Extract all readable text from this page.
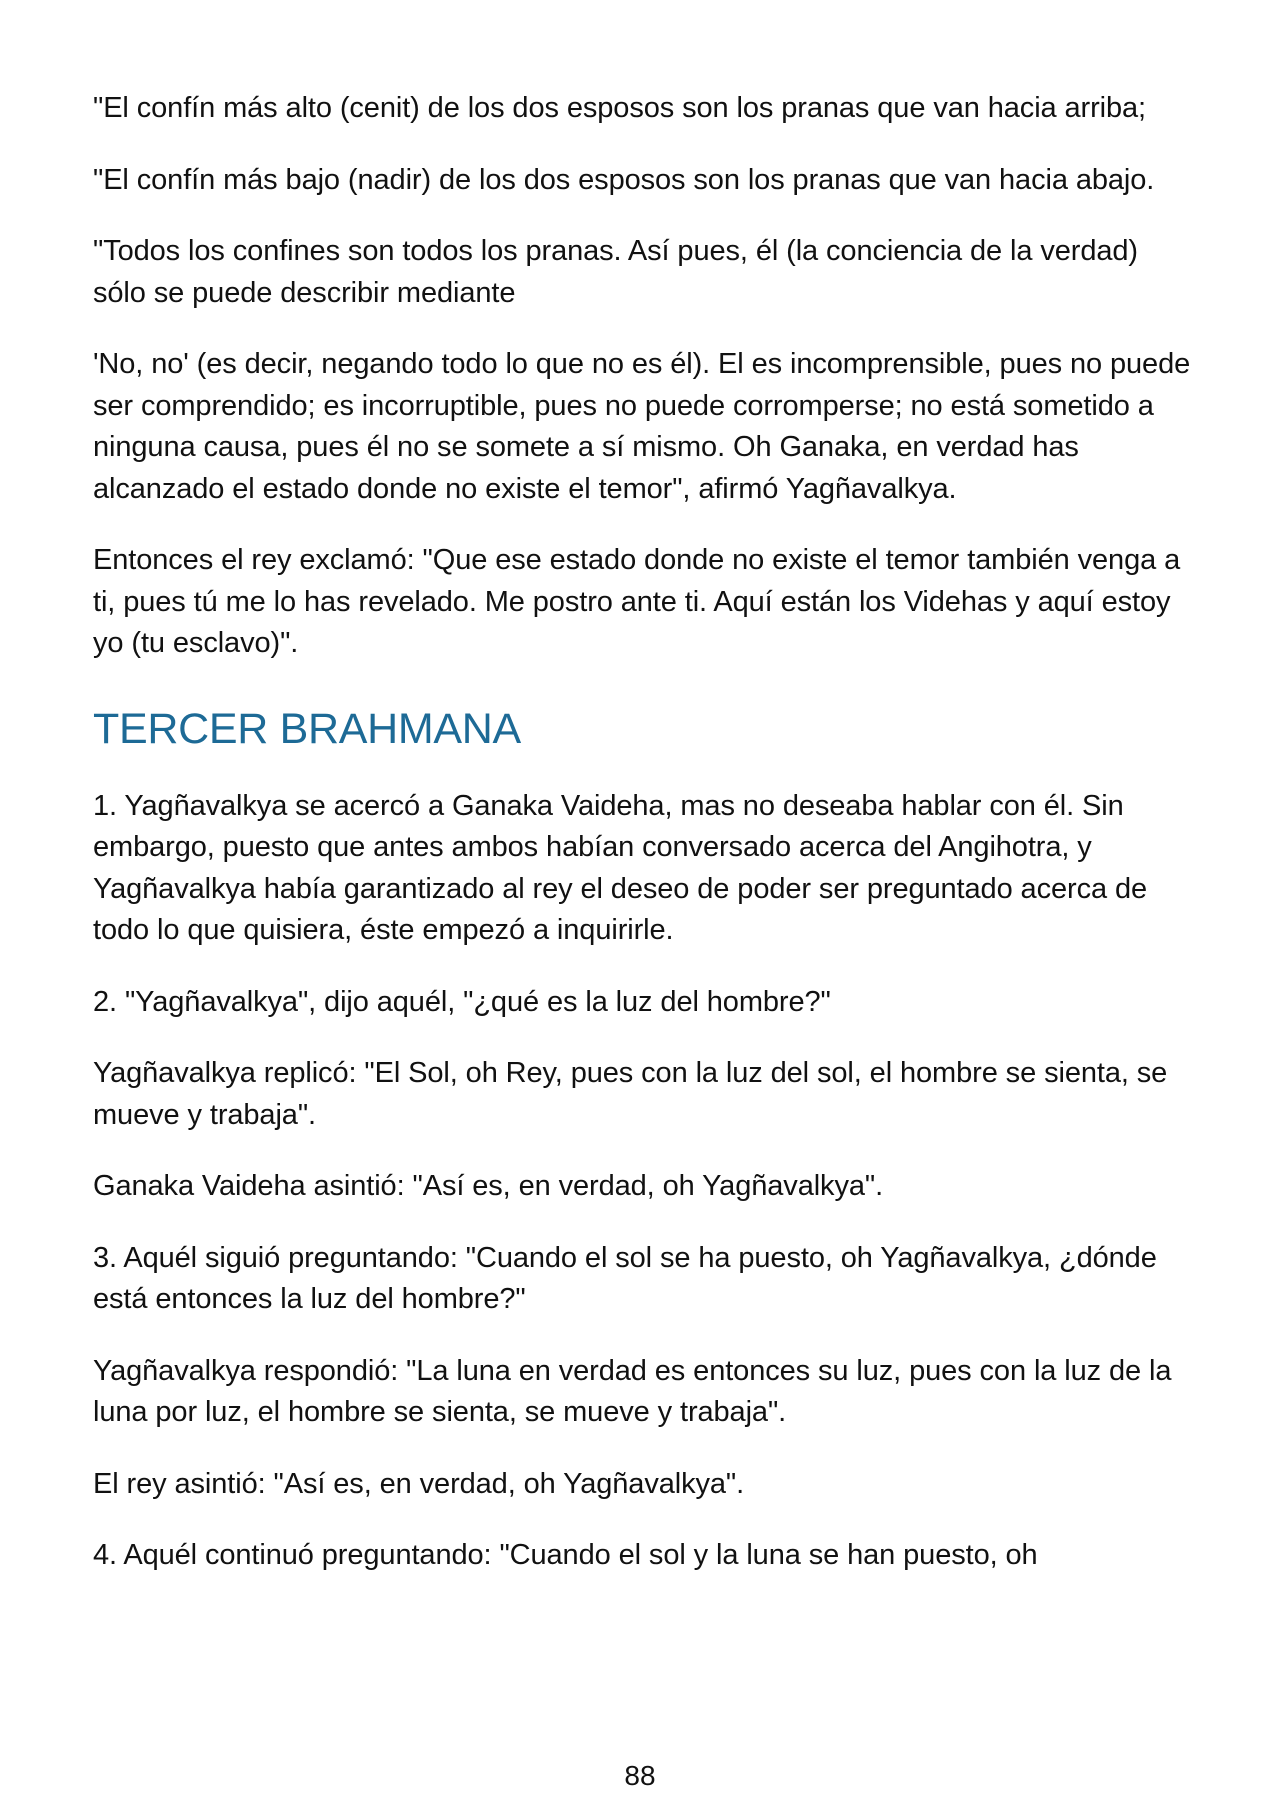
"El confín más alto (cenit) de los dos esposos son los pranas que van hacia arriba;

"El confín más bajo (nadir) de los dos esposos son los pranas que van hacia abajo.

"Todos los confines son todos los pranas. Así pues, él (la conciencia de la verdad) sólo se puede describir mediante

'No, no' (es decir, negando todo lo que no es él). El es incomprensible, pues no puede ser comprendido; es incorruptible, pues no puede corromperse; no está sometido a ninguna causa, pues él no se somete a sí mismo. Oh Ganaka, en verdad has alcanzado el estado donde no existe el temor", afirmó Yagñavalkya.

Entonces el rey exclamó: "Que ese estado donde no existe el temor también venga a ti, pues tú me lo has revelado. Me postro ante ti. Aquí están los Videhas y aquí estoy yo (tu esclavo)".

TERCER BRAHMANA

1. Yagñavalkya se acercó a Ganaka Vaideha, mas no deseaba hablar con él. Sin embargo, puesto que antes ambos habían conversado acerca del Angihotra, y Yagñavalkya había garantizado al rey el deseo de poder ser preguntado acerca de todo lo que quisiera, éste empezó a inquirirle.

2. "Yagñavalkya", dijo aquél, "¿qué es la luz del hombre?"

Yagñavalkya replicó: "El Sol, oh Rey, pues con la luz del sol, el hombre se sienta, se mueve y trabaja".

Ganaka Vaideha asintió: "Así es, en verdad, oh Yagñavalkya".

3. Aquél siguió preguntando: "Cuando el sol se ha puesto, oh Yagñavalkya, ¿dónde está entonces la luz del hombre?"

Yagñavalkya respondió: "La luna en verdad es entonces su luz, pues con la luz de la luna por luz, el hombre se sienta, se mueve y trabaja".

El rey asintió: "Así es, en verdad, oh Yagñavalkya".

4. Aquél continuó preguntando: "Cuando el sol y la luna se han puesto, oh

88
